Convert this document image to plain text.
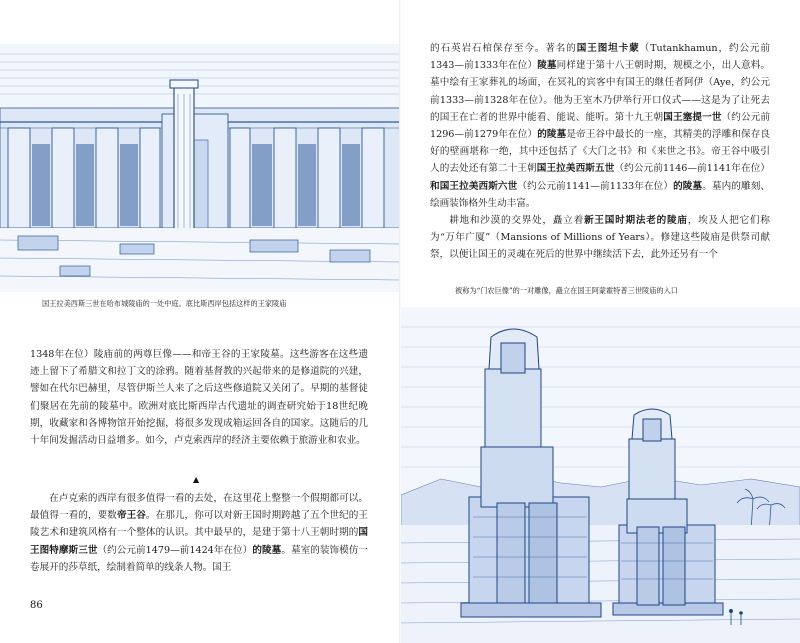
国王拉美西斯三世在哈布城陵庙的一处中庭。底比斯西岸包括这样的王家陵庙

1348年在位）陵庙前的两尊巨像——和帝王谷的王家陵墓。这些游客在这些遗迹上留下了希腊文和拉丁文的涂鸦。随着基督教的兴起带来的是修道院的兴建，譬如在代尔巴赫里，尽管伊斯兰人来了之后这些修道院又关闭了。早期的基督徒们聚居在先前的陵墓中。欧洲对底比斯西岸古代遗址的调查研究始于18世纪晚期，收藏家和各博物馆开始挖掘，将很多发现成箱运回各自的国家。这随后的几十年间发掘活动日益增多。如今，卢克索西岸的经济主要依赖于旅游业和农业。

▲

在卢克索的西岸有很多值得一看的去处，在这里花上整整一个假期都可以。最值得一看的，要数帝王谷。在那儿，你可以对新王国时期跨越了五个世纪的王陵艺术和建筑风格有一个整体的认识。其中最早的，是建于第十八王朝时期的国王图特摩斯三世（约公元前1479—前1424年在位）的陵墓。墓室的装饰模仿一卷展开的莎草纸，绘制着简单的线条人物。国王

86

的石英岩石棺保存至今。著名的国王图坦卡蒙（Tutankhamun，约公元前1343—前1333年在位）陵墓同样建于第十八王朝时期，规模之小，出人意料。墓中绘有王家葬礼的场面，在冥礼的宾客中有国王的继任者阿伊（Aye，约公元前1333—前1328年在位）。他为王室木乃伊举行开口仪式——这是为了让死去的国王在亡者的世界中能看、能说、能听。第十九王朝国王塞提一世（约公元前1296—前1279年在位）的陵墓是帝王谷中最长的一座，其精美的浮雕和保存良好的壁画堪称一绝，其中还包括了《大门之书》和《来世之书》。帝王谷中吸引人的去处还有第二十王朝国王拉美西斯五世（约公元前1146—前1141年在位）和国王拉美西斯六世（约公元前1141—前1133年在位）的陵墓。墓内的雕刻、绘画装饰格外生动丰富。

耕地和沙漠的交界处，矗立着新王国时期法老的陵庙，埃及人把它们称为“万年广厦”（Mansions of Millions of Years）。修建这些陵庙是供祭司献祭，以便让国王的灵魂在死后的世界中继续活下去，此外还另有一个

被称为“门农巨像”的一对雕像，矗立在国王阿蒙霍特普三世陵庙的入口
